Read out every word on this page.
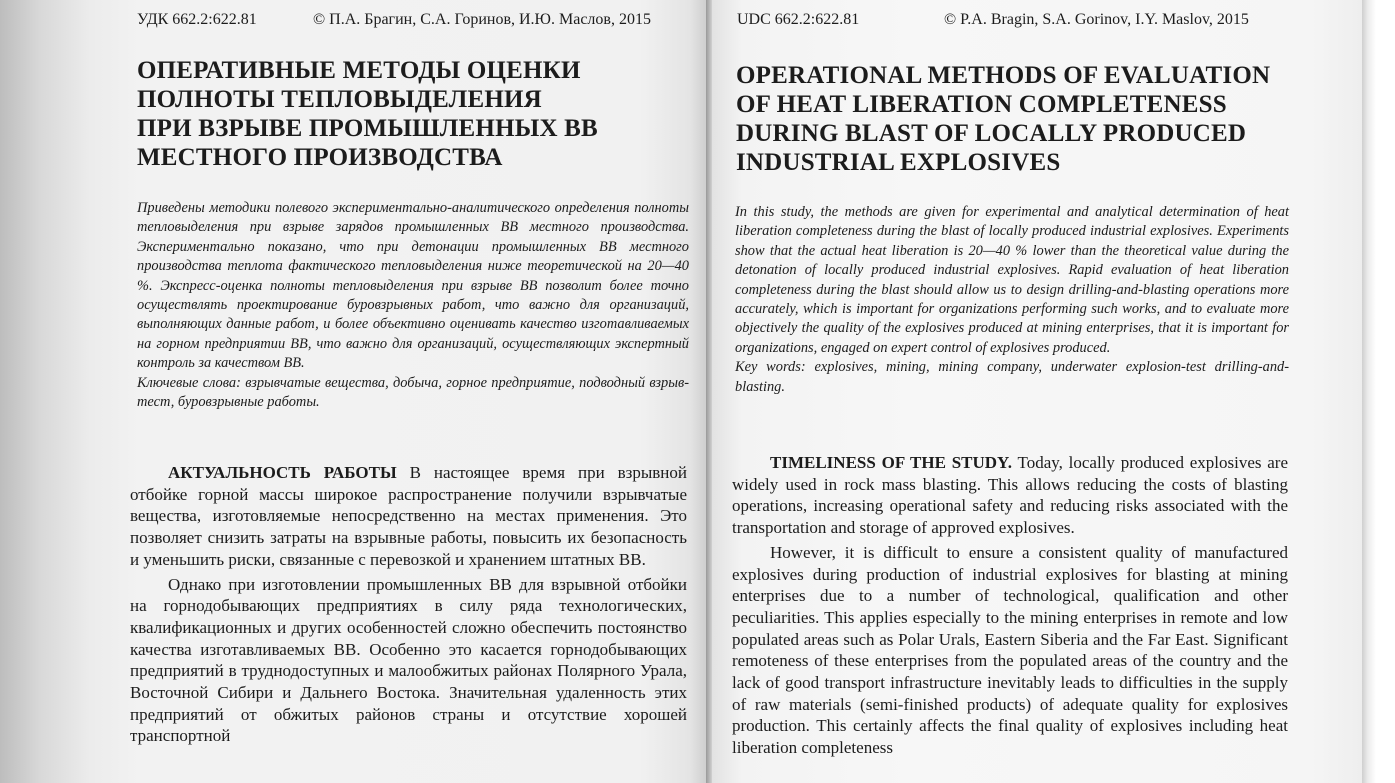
УДК 662.2:622.81	© П.А. Брагин, С.А. Горинов, И.Ю. Маслов, 2015
ОПЕРАТИВНЫЕ МЕТОДЫ ОЦЕНКИ
ПОЛНОТЫ ТЕПЛОВЫДЕЛЕНИЯ
ПРИ ВЗРЫВЕ ПРОМЫШЛЕННЫХ ВВ
МЕСТНОГО ПРОИЗВОДСТВА

Приведены методики полевого экспериментально-аналитического определения полноты тепловыделения при взрыве зарядов промышленных ВВ местного производства. Экспериментально показано, что при детонации промышленных ВВ местного производства теплота фактического тепловыделения ниже теоретической на 20—40 %. Экспресс-оценка полноты тепловыделения при взрыве ВВ позволит более точно осуществлять проектирование буровзрывных работ, что важно для организаций, выполняющих данные работ, и более объективно оценивать качество изготавливаемых на горном предприятии ВВ, что важно для организаций, осуществляющих экспертный контроль за качеством ВВ.

Ключевые слова: взрывчатые вещества, добыча, горное предприятие, подводный взрыв-тест, буровзрывные работы.

АКТУАЛЬНОСТЬ РАБОТЫ В настоящее время при взрывной отбойке горной массы широкое распространение получили взрывчатые вещества, изготовляемые непосредственно на местах применения. Это позволяет снизить затраты на взрывные работы, повысить их безопасность и уменьшить риски, связанные с перевозкой и хранением штатных ВВ.

Однако при изготовлении промышленных ВВ для взрывной отбойки на горнодобывающих предприятиях в силу ряда технологических, квалификационных и других особенностей сложно обеспечить постоянство качества изготавливаемых ВВ. Особенно это касается горнодобывающих предприятий в труднодоступных и малообжитых районах Полярного Урала, Восточной Сибири и Дальнего Востока. Значительная удаленность этих предприятий от обжитых районов страны и отсутствие хорошей транспортной

UDC 662.2:622.81	© P.A. Bragin, S.A. Gorinov, I.Y. Maslov, 2015
OPERATIONAL METHODS OF EVALUATION
OF HEAT LIBERATION COMPLETENESS
DURING BLAST OF LOCALLY PRODUCED
INDUSTRIAL EXPLOSIVES

In this study, the methods are given for experimental and analytical determination of heat liberation completeness during the blast of locally produced industrial explosives. Experiments show that the actual heat liberation is 20—40 % lower than the theoretical value during the detonation of locally produced industrial explosives. Rapid evaluation of heat liberation completeness during the blast should allow us to design drilling-and-blasting operations more accurately, which is important for organizations performing such works, and to evaluate more objectively the quality of the explosives produced at mining enterprises, that it is important for organizations, engaged on expert control of explosives produced.

Key words: explosives, mining, mining company, underwater explosion-test drilling-and-blasting.

TIMELINESS OF THE STUDY. Today, locally produced explosives are widely used in rock mass blasting. This allows reducing the costs of blasting operations, increasing operational safety and reducing risks associated with the transportation and storage of approved explosives.

However, it is difficult to ensure a consistent quality of manufactured explosives during production of industrial explosives for blasting at mining enterprises due to a number of technological, qualification and other peculiarities. This applies especially to the mining enterprises in remote and low populated areas such as Polar Urals, Eastern Siberia and the Far East. Significant remoteness of these enterprises from the populated areas of the country and the lack of good transport infrastructure inevitably leads to difficulties in the supply of raw materials (semi-finished products) of adequate quality for explosives production. This certainly affects the final quality of explosives including heat liberation completeness
